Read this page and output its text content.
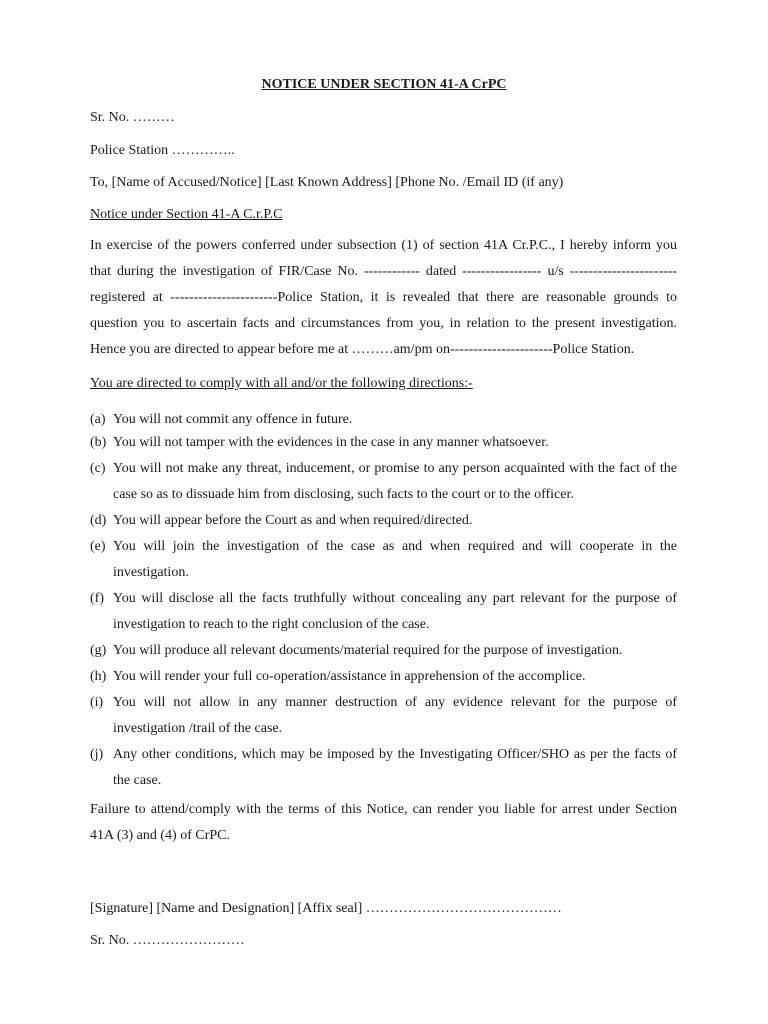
NOTICE UNDER SECTION 41-A CrPC

Sr. No. ………

Police Station …………..

To, [Name of Accused/Notice] [Last Known Address] [Phone No. /Email ID (if any)

Notice under Section 41-A C.r.P.C

In exercise of the powers conferred under subsection (1) of section 41A Cr.P.C., I hereby inform you that during the investigation of FIR/Case No. ------------ dated ----------------- u/s ----------------------- registered at -----------------------Police Station, it is revealed that there are reasonable grounds to question you to ascertain facts and circumstances from you, in relation to the present investigation. Hence you are directed to appear before me at ………am/pm on----------------------Police Station.

You are directed to comply with all and/or the following directions:-

(a) You will not commit any offence in future.
(b) You will not tamper with the evidences in the case in any manner whatsoever.
(c) You will not make any threat, inducement, or promise to any person acquainted with the fact of the case so as to dissuade him from disclosing, such facts to the court or to the officer.
(d) You will appear before the Court as and when required/directed.
(e) You will join the investigation of the case as and when required and will cooperate in the investigation.
(f) You will disclose all the facts truthfully without concealing any part relevant for the purpose of investigation to reach to the right conclusion of the case.
(g) You will produce all relevant documents/material required for the purpose of investigation.
(h) You will render your full co-operation/assistance in apprehension of the accomplice.
(i) You will not allow in any manner destruction of any evidence relevant for the purpose of investigation /trail of the case.
(j) Any other conditions, which may be imposed by the Investigating Officer/SHO as per the facts of the case.

Failure to attend/comply with the terms of this Notice, can render you liable for arrest under Section 41A (3) and (4) of CrPC.

[Signature] [Name and Designation] [Affix seal] ……………………………………

Sr. No. ……………………
